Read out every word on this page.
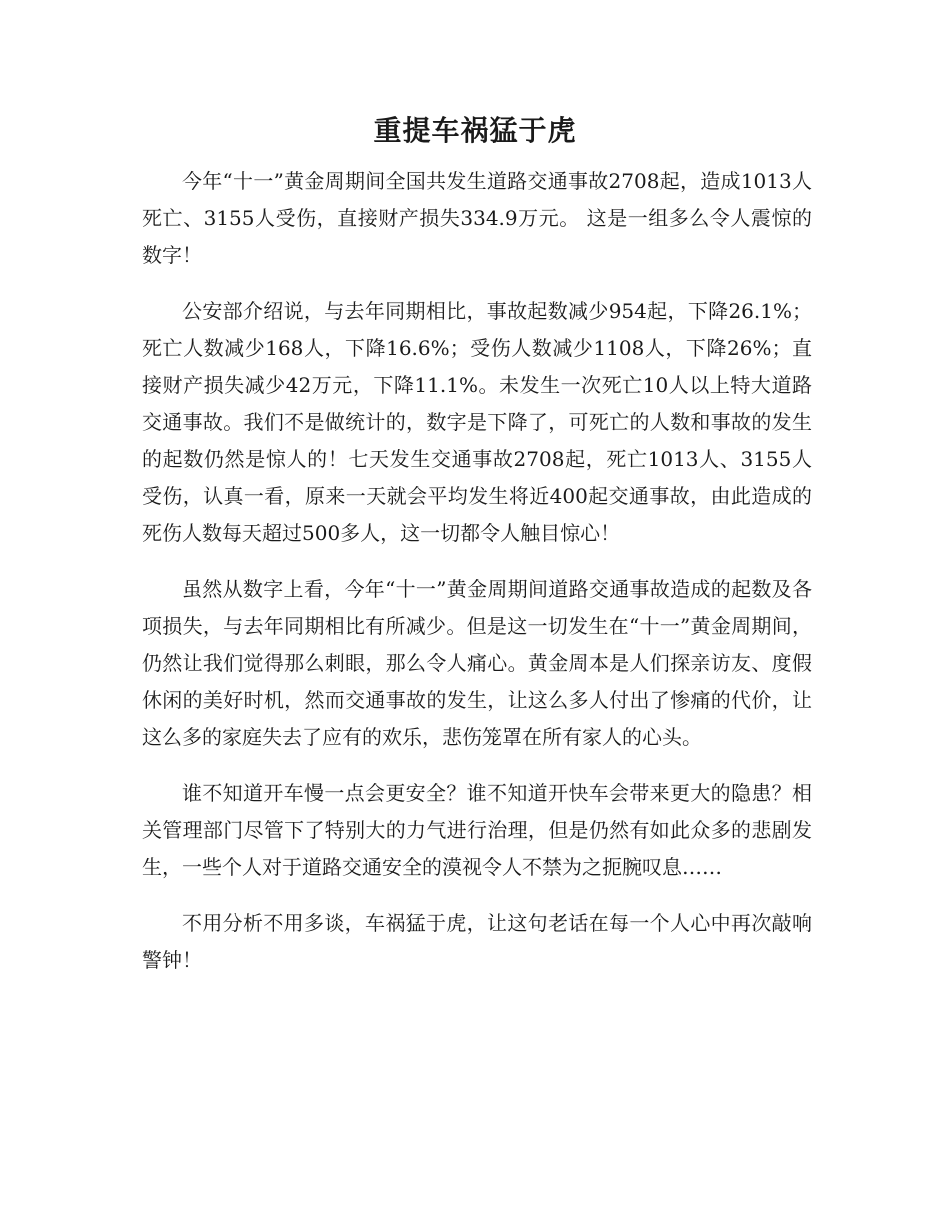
重提车祸猛于虎

今年“十一”黄金周期间全国共发生道路交通事故2708起，造成1013人死亡、3155人受伤，直接财产损失334.9万元。 这是一组多么令人震惊的数字！

公安部介绍说，与去年同期相比，事故起数减少954起，下降26.1%；死亡人数减少168人，下降16.6%；受伤人数减少1108人，下降26%；直接财产损失减少42万元，下降11.1%。未发生一次死亡10人以上特大道路交通事故。我们不是做统计的，数字是下降了，可死亡的人数和事故的发生的起数仍然是惊人的！七天发生交通事故2708起，死亡1013人、3155人受伤，认真一看，原来一天就会平均发生将近400起交通事故，由此造成的死伤人数每天超过500多人，这一切都令人触目惊心！

虽然从数字上看，今年“十一”黄金周期间道路交通事故造成的起数及各项损失，与去年同期相比有所减少。但是这一切发生在“十一”黄金周期间，仍然让我们觉得那么刺眼，那么令人痛心。黄金周本是人们探亲访友、度假休闲的美好时机，然而交通事故的发生，让这么多人付出了惨痛的代价，让这么多的家庭失去了应有的欢乐，悲伤笼罩在所有家人的心头。

谁不知道开车慢一点会更安全？谁不知道开快车会带来更大的隐患？相关管理部门尽管下了特别大的力气进行治理，但是仍然有如此众多的悲剧发生，一些个人对于道路交通安全的漠视令人不禁为之扼腕叹息……

不用分析不用多谈，车祸猛于虎，让这句老话在每一个人心中再次敲响警钟！
